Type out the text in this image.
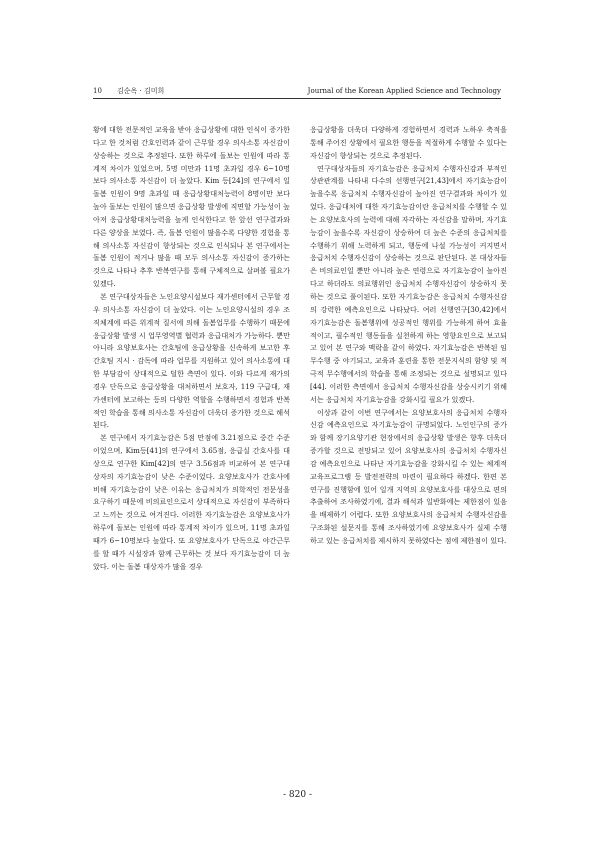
10 김순옥 · 김미희	Journal of the Korean Applied Science and Technology

황에 대한 전문적인 교육을 받아 응급상황에 대한 인식이 증가한다고 한 것처럼 간호인력과 같이 근무할 경우 의사소통 자신감이 상승하는 것으로 추정된다. 또한 하루에 돌보는 인원에 따라 통계적 차이가 있었으며, 5명 미만과 11명 초과일 경우 6~10명보다 의사소통 자신감이 더 높았다. Kim 등[24]의 연구에서 일 돌봄 인원이 9명 초과일 때 응급상황대처능력이 8명이만 보다 높아 돌보는 인원이 많으면 응급상황 발생에 직면할 가능성이 높아져 응급상황대처능력을 높게 인식한다고 한 앞선 연구결과와 다른 양상을 보였다. 즉, 돌봄 인원이 많을수록 다양한 경험을 통해 의사소통 자신감이 향상되는 것으로 인식되나 본 연구에서는 돌봄 인원이 적거나 많을 때 모두 의사소통 자신감이 증가하는 것으로 나타나 추후 반복연구를 통해 구체적으로 살펴볼 필요가 있겠다.

본 연구대상자들은 노인요양시설보다 재가센터에서 근무할 경우 의사소통 자신감이 더 높았다. 이는 노인요양시설의 경우 조직체계에 따른 위계적 질서에 의해 돌봄업무를 수행하기 때문에 응급상황 발생 시 업무영역별 협력과 응급대처가 가능하다. 뿐만 아니라 요양보호사는 간호팀에 응급상황을 신속하게 보고한 후 간호팀 지시 · 감독에 따라 업무를 지원하고 있어 의사소통에 대한 부담감이 상대적으로 덜한 측면이 있다. 이와 다르게 재가의 경우 단독으로 응급상황을 대처하면서 보호자, 119 구급대, 재가센터에 보고하는 등의 다양한 역할을 수행하면서 경험과 반복적인 학습을 통해 의사소통 자신감이 더욱더 증가한 것으로 해석된다.

본 연구에서 자기효능감은 5점 만점에 3.21점으로 중간 수준이었으며, Kim등[41]의 연구에서 3.65점, 응급실 간호사를 대상으로 연구한 Kim[42]의 연구 3.56점과 비교하여 본 연구대상자의 자기효능감이 낮은 수준이었다. 요양보호사가 간호사에 비해 자기효능감이 낮은 이유는 응급처치가 의학적인 전문성을 요구하기 때문에 비의료인으로서 상대적으로 자신감이 부족하다고 느끼는 것으로 여겨진다. 이러한 자기효능감은 요양보호사가 하루에 돌보는 인원에 따라 통계적 차이가 있으며, 11명 초과일 때가 6~10명보다 높았다. 또 요양보호사가 단독으로 야간근무를 할 때가 시설장과 함께 근무하는 것 보다 자기효능감이 더 높았다. 이는 돌봄 대상자가 많을 경우

응급상황을 더욱더 다양하게 경험하면서 경력과 노하우 축적을 통해 주어진 상황에서 필요한 행동을 적절하게 수행할 수 있다는 자신감이 향상되는 것으로 추정된다.

연구대상자들의 자기효능감은 응급처치 수행자신감과 부적인 상관관계를 나타내 다수의 선행연구[21,43]에서 자기효능감이 높을수록 응급처치 수행자신감이 높아진 연구결과와 차이가 있었다. 응급대처에 대한 자기효능감이란 응급처치를 수행할 수 있는 요양보호사의 능력에 대해 자각하는 자신감을 말하며, 자기효능감이 높을수록 자신감이 상승하여 더 높은 수준의 응급처치를 수행하기 위해 노력하게 되고, 행동에 나설 가능성이 커지면서 응급처치 수행자신감이 상승하는 것으로 판단된다. 본 대상자들은 비의료인일 뿐만 아니라 높은 연령으로 자기효능감이 높아진다고 하더라도 의료행위인 응급처치 수행자신감이 상승하지 못하는 것으로 풀이된다. 또한 자기효능감은 응급처치 수행자신감의 강력한 예측요인으로 나타났다. 여러 선행연구[30,42]에서 자기효능감은 돌봄행위에 성공적인 행위를 가능하게 하여 효율적이고, 필수적인 행동들을 실천하게 하는 영향요인으로 보고되고 있어 본 연구와 맥락을 같이 하였다. 자기효능감은 반복된 임무수행 중 야기되고, 교육과 훈련을 통한 전문지식의 함양 및 적극적 무수행에서의 학습을 통해 조정되는 것으로 설명되고 있다[44]. 이러한 측면에서 응급처치 수행자신감을 상승시키기 위해서는 응급처치 자기효능감을 강화시킬 필요가 있겠다.

이상과 같이 이번 연구에서는 요양보호사의 응급처치 수행자신감 예측요인으로 자기효능감이 규명되었다. 노인인구의 증가와 함께 장기요양기관 현장에서의 응급상황 발생은 향후 더욱더 증가할 것으로 전망되고 있어 요양보호사의 응급처치 수행자신감 예측요인으로 나타난 자기효능감을 강화시킬 수 있는 체계적 교육프로그램 등 발전전략의 마련이 필요하다 하겠다. 한편 본 연구를 진행함에 있어 일개 지역의 요양보호사를 대상으로 편의추출하여 조사하였기에, 결과 해석과 일반화에는 제한점이 있음을 배제하기 어렵다. 또한 요양보호사의 응급처치 수행자신감을 구조화된 설문지를 통해 조사하였기에 요양보호사가 실제 수행하고 있는 응급처치를 제시하지 못하였다는 점에 제한점이 있다.

- 820 -
